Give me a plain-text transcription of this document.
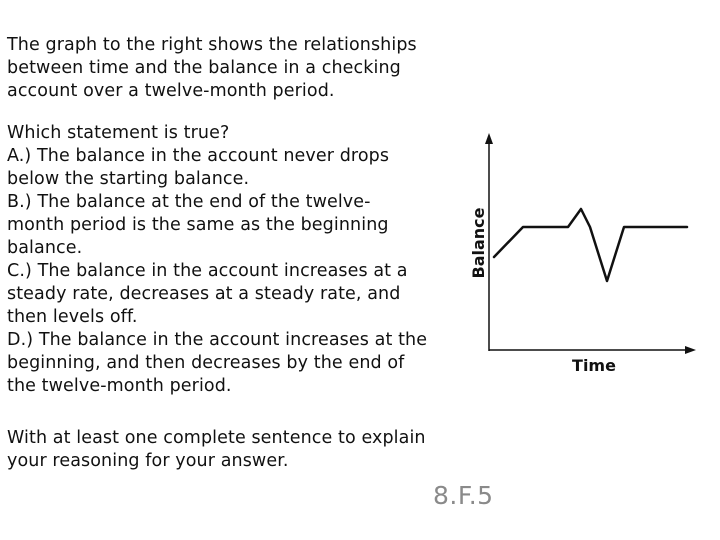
The graph to the right shows the relationships
between time and the balance in a checking
account over a twelve-month period.
Which statement is true?
A.) The balance in the account never drops
below the starting balance.
B.) The balance at the end of the twelve-
month period is the same as the beginning
balance.
C.) The balance in the account increases at a
steady rate, decreases at a steady rate, and
then levels off.
D.) The balance in the account increases at the
beginning, and then decreases by the end of
the twelve-month period.
With at least one complete sentence to explain
your reasoning for your answer.
8.F.5
Balance
Time
